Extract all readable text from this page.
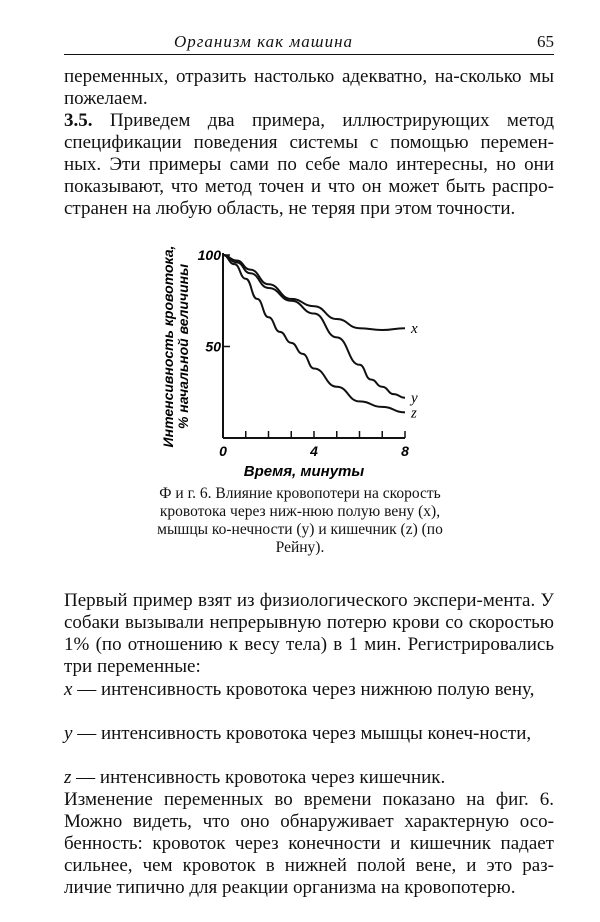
Организм как машина	65
переменных, отразить настолько адекватно, на-сколько мы пожелаем.
3.5. Приведем два примера, иллюстрирующих метод спецификации поведения системы с помощью перемен-ных. Эти примеры сами по себе мало интересны, но они показывают, что метод точен и что он может быть распро-странен на любую область, не теряя при этом точности.
x
y
z
0	4	8
50
100
Время, минуты
Интенсивность кровотока,% начальной величины
Ф и г. 6. Влияние кровопотери на скорость кровотока через ниж-нюю полую вену (x), мышцы ко-нечности (y) и кишечник (z) (по Рейну).
Первый пример взят из физиологического экспери-мента. У собаки вызывали непрерывную потерю крови со скоростью 1% (по отношению к весу тела) в 1 мин. Регистрировались три переменные:
x — интенсивность кровотока через нижнюю полую вену,
y — интенсивность кровотока через мышцы конеч-ности,
z — интенсивность кровотока через кишечник.
Изменение переменных во времени показано на фиг. 6. Можно видеть, что оно обнаруживает характерную осо-бенность: кровоток через конечности и кишечник падает сильнее, чем кровоток в нижней полой вене, и это раз-личие типично для реакции организма на кровопотерю.
